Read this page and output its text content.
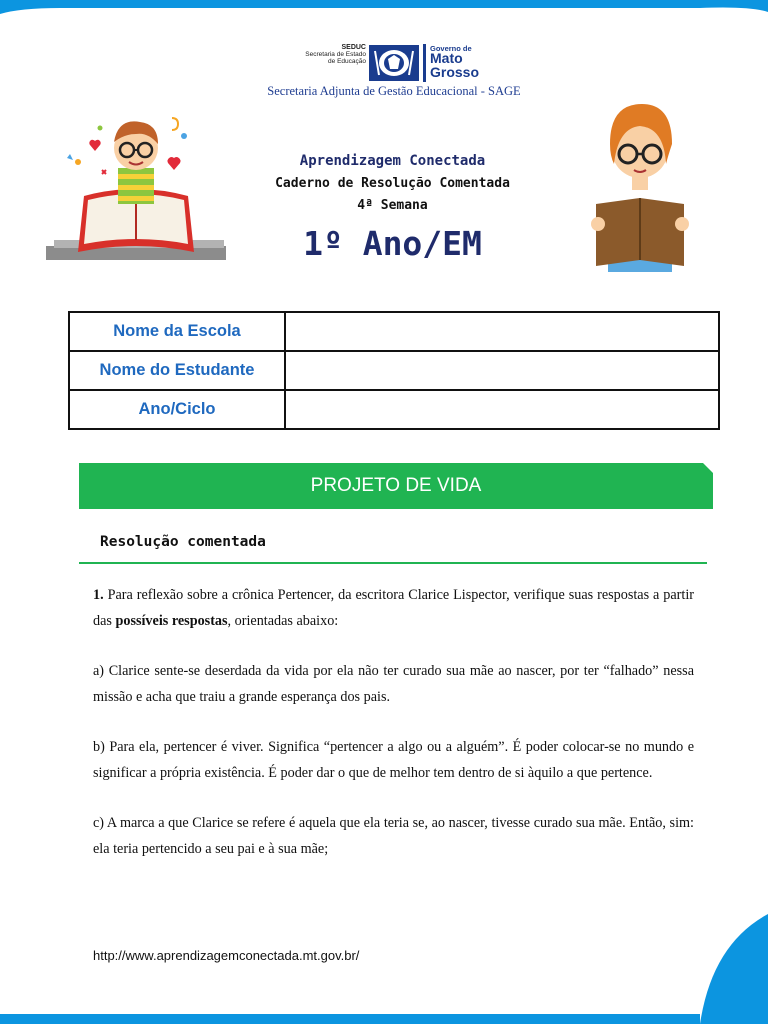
SEDUC
Secretaria de Estado
de Educação
Governo de
Mato
Grosso
Secretaria Adjunta de Gestão Educacional - SAGE
Aprendizagem Conectada
Caderno de Resolução Comentada
4ª Semana
1º Ano/EM
Nome da Escola	
Nome do Estudante	
Ano/Ciclo	
PROJETO DE VIDA
Resolução comentada

1. Para reflexão sobre a crônica Pertencer, da escritora Clarice Lispector, verifique suas respostas a partir das possíveis respostas, orientadas abaixo:

a) Clarice sente-se deserdada da vida por ela não ter curado sua mãe ao nascer, por ter “falhado” nessa missão e acha que traiu a grande esperança dos pais.

b) Para ela, pertencer é viver. Significa “pertencer a algo ou a alguém”. É poder colocar-se no mundo e significar a própria existência. É poder dar o que de melhor tem dentro de si àquilo a que pertence.

c) A marca a que Clarice se refere é aquela que ela teria se, ao nascer, tivesse curado sua mãe. Então, sim: ela teria pertencido a seu pai e à sua mãe;

http://www.aprendizagemconectada.mt.gov.br/
